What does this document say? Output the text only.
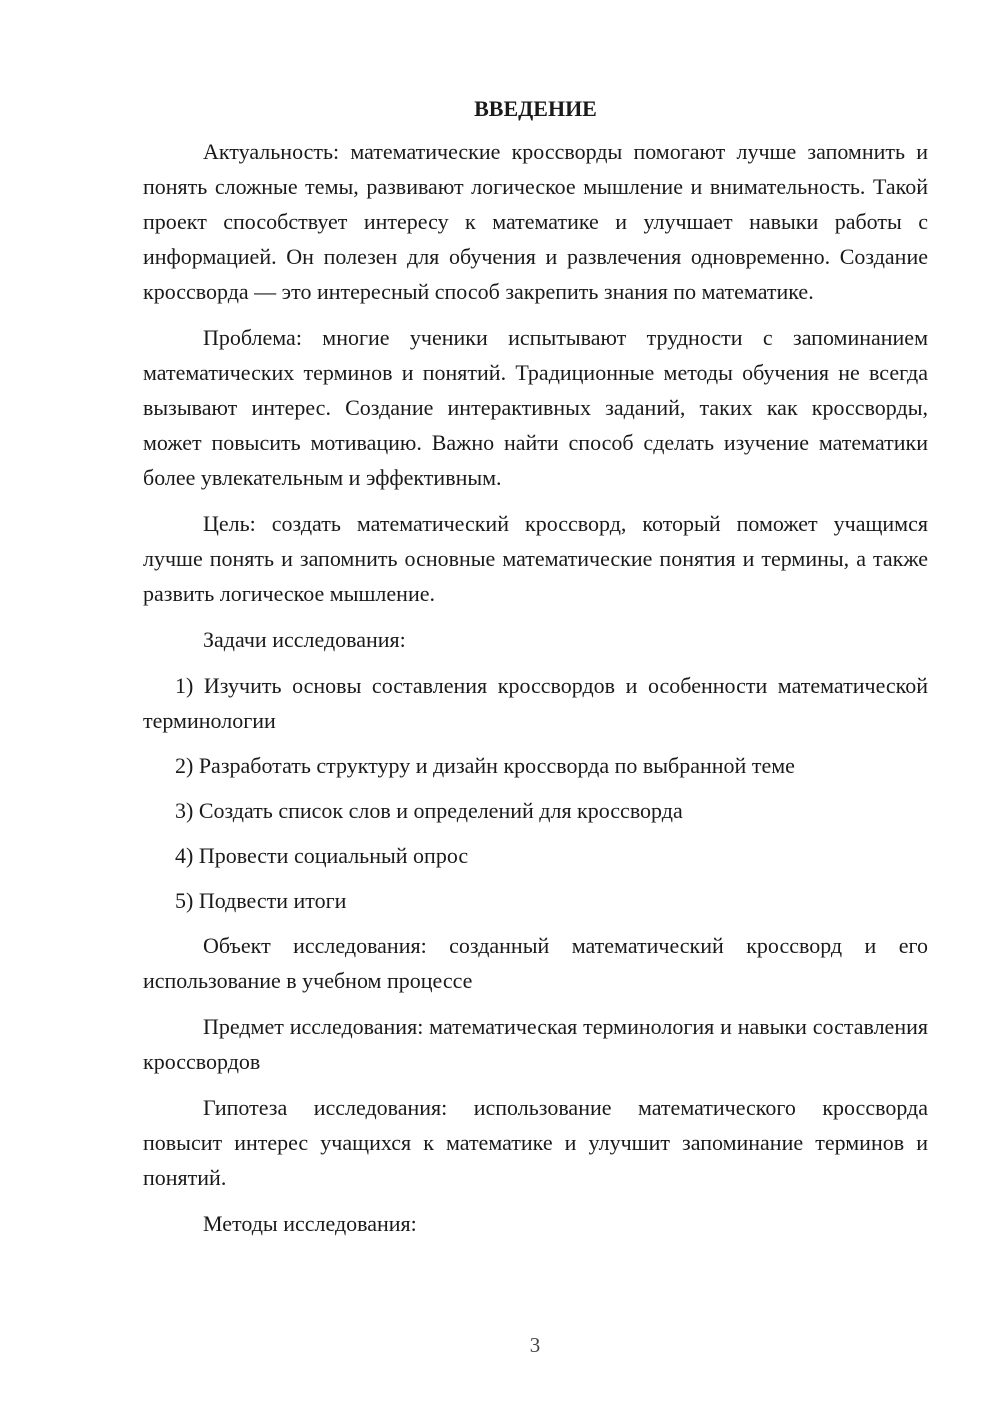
ВВЕДЕНИЕ

Актуальность: математические кроссворды помогают лучше запомнить и понять сложные темы, развивают логическое мышление и внимательность. Такой проект способствует интересу к математике и улучшает навыки работы с информацией. Он полезен для обучения и развлечения одновременно. Создание кроссворда — это интересный способ закрепить знания по математике.

Проблема: многие ученики испытывают трудности с запоминанием математических терминов и понятий. Традиционные методы обучения не всегда вызывают интерес. Создание интерактивных заданий, таких как кроссворды, может повысить мотивацию. Важно найти способ сделать изучение математики более увлекательным и эффективным.

Цель: создать математический кроссворд, который поможет учащимся лучше понять и запомнить основные математические понятия и термины, а также развить логическое мышление.

Задачи исследования:

1) Изучить основы составления кроссвордов и особенности математической терминологии

2) Разработать структуру и дизайн кроссворда по выбранной теме

3) Создать список слов и определений для кроссворда

4) Провести социальный опрос

5) Подвести итоги

Объект исследования: созданный математический кроссворд и его использование в учебном процессе

Предмет исследования: математическая терминология и навыки составления кроссвордов

Гипотеза исследования: использование математического кроссворда повысит интерес учащихся к математике и улучшит запоминание терминов и понятий.

Методы исследования:

3
